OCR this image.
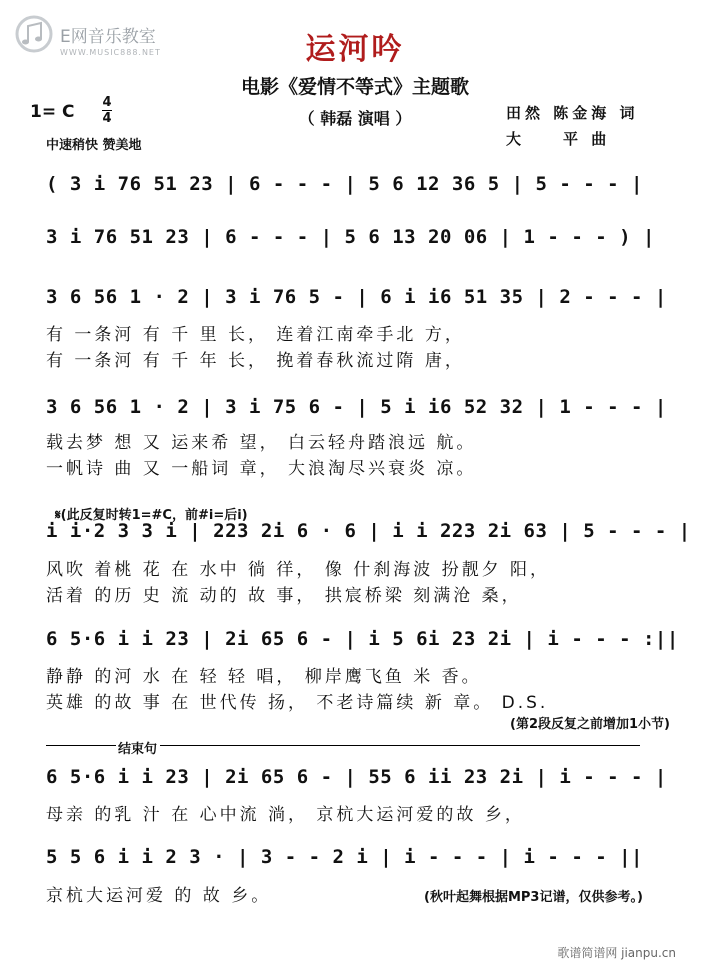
E网音乐教室

WWW.MUSIC888.NET	运河吟
电影《爱情不等式》主题歌
（ 韩磊 演唱 ）	田然 陈金海 词
大　　平 曲
1= C 4
4
中速稍快 赞美地
( 3 i 76 51 23 | 6 - - - | 5 6 12 36 5 | 5 - - - |
3 i 76 51 23 | 6 - - - | 5 6 13 20 06 | 1 - - - ) |
3 6 56 1 · 2 | 3 i 76 5 - | 6 i i6 51 35 | 2 - - - |
有 一条河 有 千 里 长， 连着江南牵手北 方，
有 一条河 有 千 年 长， 挽着春秋流过隋 唐，
3 6 56 1 · 2 | 3 i 75 6 - | 5 i i6 52 32 | 1 - - - |
载去梦 想 又 运来希 望， 白云轻舟踏浪远 航。
一帆诗 曲 又 一船词 章， 大浪淘尽兴衰炎 凉。

𝄋(此反复时转1=#C，前#i=后i)

i i·2 3 3 i | 223 2i 6 · 6 | i i 223 2i 63 | 5 - - - |
风吹 着桃 花 在 水中 徜 徉， 像 什刹海波 扮靓夕 阳，
活着 的历 史 流 动的 故 事， 拱宸桥梁 刻满沧 桑，
6 5·6 i i 23 | 2i 65 6 - | i 5 6i 23 2i | i - - - :||
静静 的河 水 在 轻 轻 唱， 柳岸鹰飞鱼 米 香。
英雄 的故 事 在 世代传 扬， 不老诗篇续 新 章。 D.S.
(第2段反复之前增加1小节)
结束句
6 5·6 i i 23 | 2i 65 6 - | 55 6 ii 23 2i | i - - - |
母亲 的乳 汁 在 心中流 淌， 京杭大运河爱的故 乡，
5 5 6 i i 2 3 · | 3 - - 2 i | i - - - | i - - - ||
京杭大运河爱 的 故 乡。	(秋叶起舞根据MP3记谱，仅供参考。)
歌谱简谱网 jianpu.cn
